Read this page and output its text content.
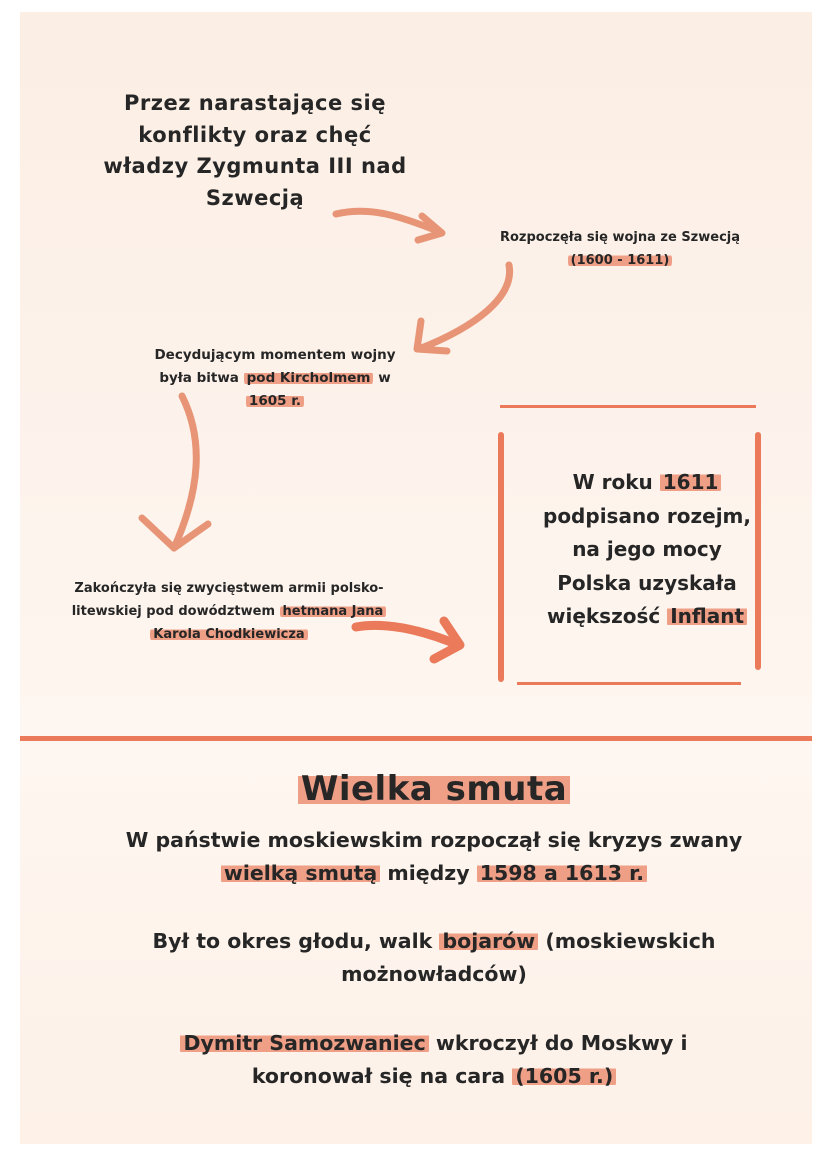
Przez narastające się
konflikty oraz chęć
władzy Zygmunta III nad
Szwecją
Rozpoczęła się wojna ze Szwecją
(1600 - 1611)
Decydującym momentem wojny
była bitwa pod Kircholmem w
1605 r.
Zakończyła się zwycięstwem armii polsko-
litewskiej pod dowództwem hetmana Jana
Karola Chodkiewicza
W roku 1611
podpisano rozejm,
na jego mocy
Polska uzyskała
większość Inflant
Wielka smuta
W państwie moskiewskim rozpoczął się kryzys zwany
wielką smutą między 1598 a 1613 r.
Był to okres głodu, walk bojarów (moskiewskich
możnowładców)
Dymitr Samozwaniec wkroczył do Moskwy i
koronował się na cara (1605 r.)
